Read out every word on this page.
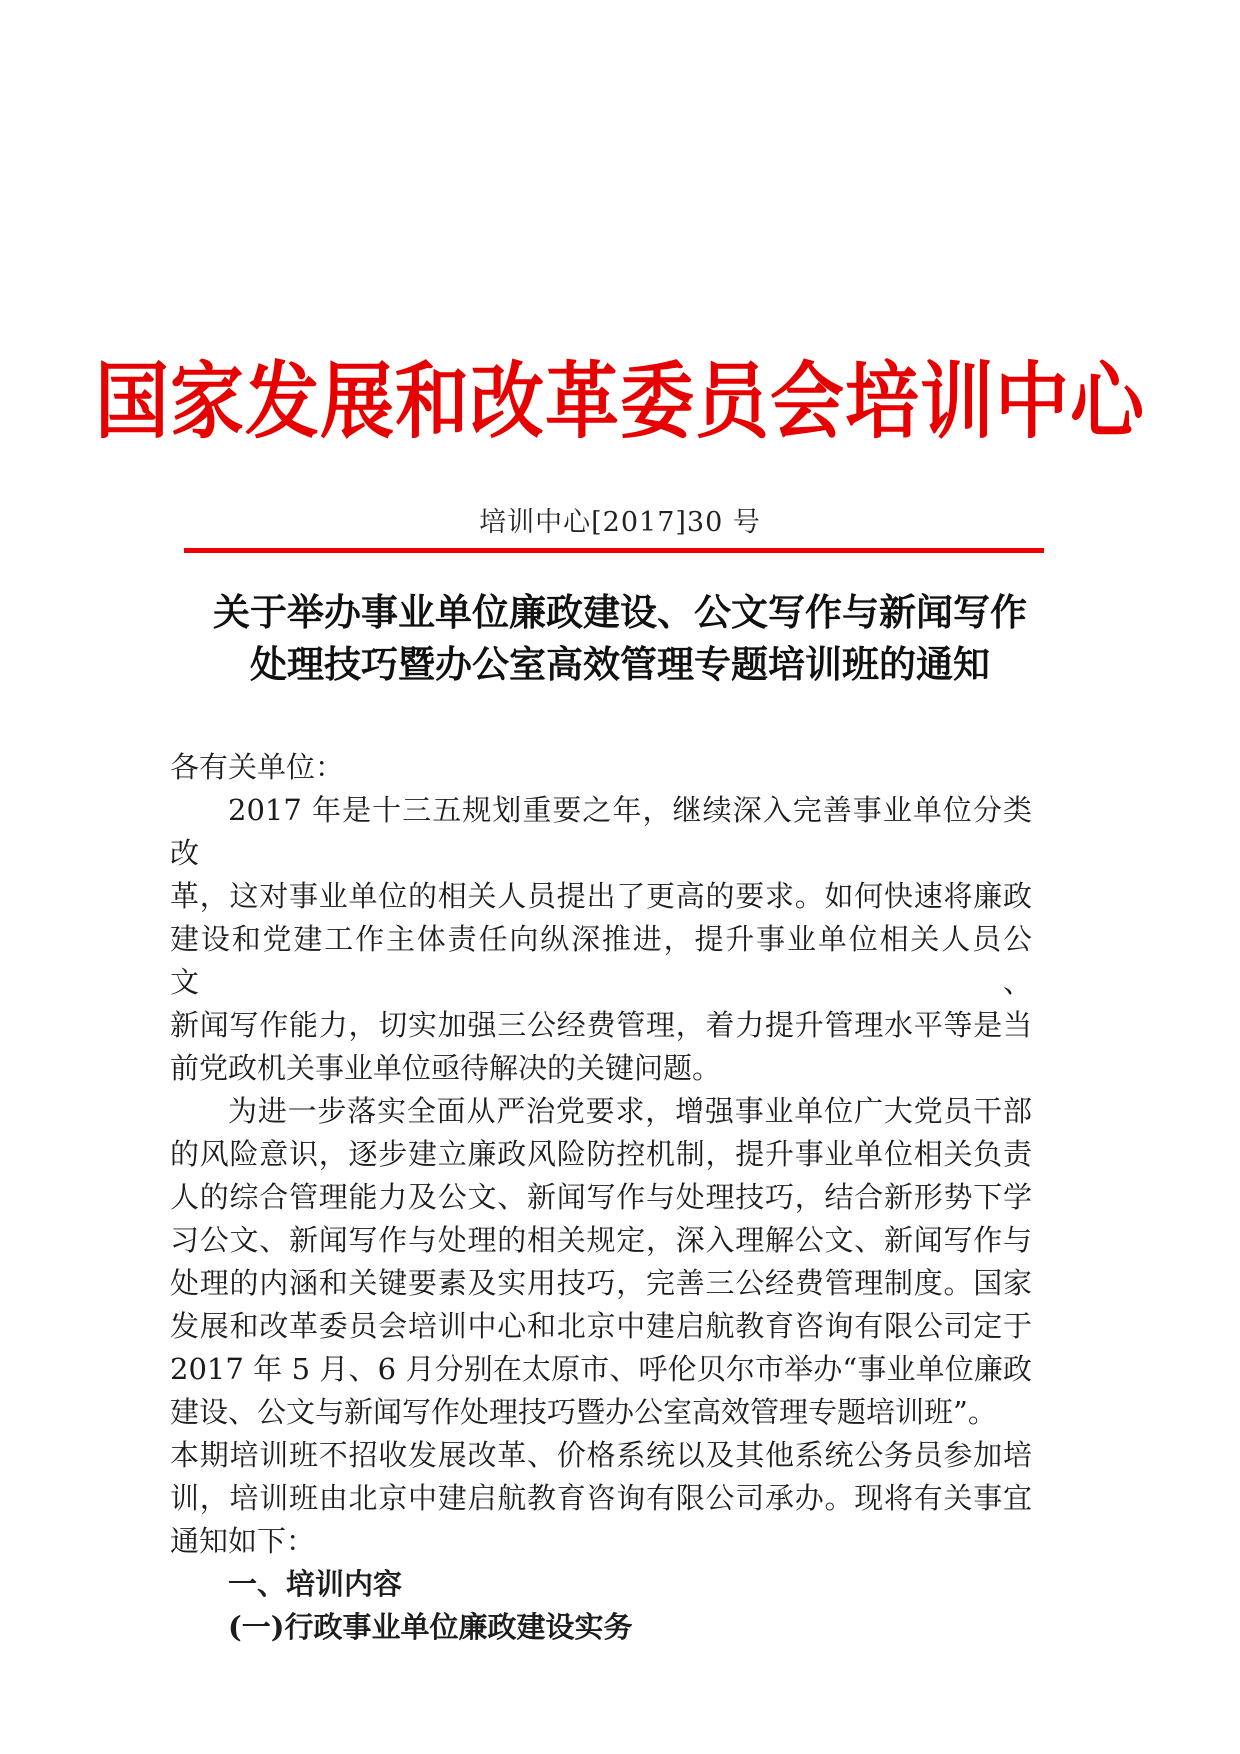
国家发展和改革委员会培训中心
培训中心[2017]30 号
关于举办事业单位廉政建设、公文写作与新闻写作
处理技巧暨办公室高效管理专题培训班的通知
各有关单位：
2017 年是十三五规划重要之年，继续深入完善事业单位分类改
革，这对事业单位的相关人员提出了更高的要求。如何快速将廉政
建设和党建工作主体责任向纵深推进，提升事业单位相关人员公文、
新闻写作能力，切实加强三公经费管理，着力提升管理水平等是当
前党政机关事业单位亟待解决的关键问题。
为进一步落实全面从严治党要求，增强事业单位广大党员干部
的风险意识，逐步建立廉政风险防控机制，提升事业单位相关负责
人的综合管理能力及公文、新闻写作与处理技巧，结合新形势下学
习公文、新闻写作与处理的相关规定，深入理解公文、新闻写作与
处理的内涵和关键要素及实用技巧，完善三公经费管理制度。国家
发展和改革委员会培训中心和北京中建启航教育咨询有限公司定于
2017 年 5 月、6 月分别在太原市、呼伦贝尔市举办“事业单位廉政
建设、公文与新闻写作处理技巧暨办公室高效管理专题培训班”。
本期培训班不招收发展改革、价格系统以及其他系统公务员参加培
训，培训班由北京中建启航教育咨询有限公司承办。现将有关事宜
通知如下：
一、培训内容
(一)行政事业单位廉政建设实务
